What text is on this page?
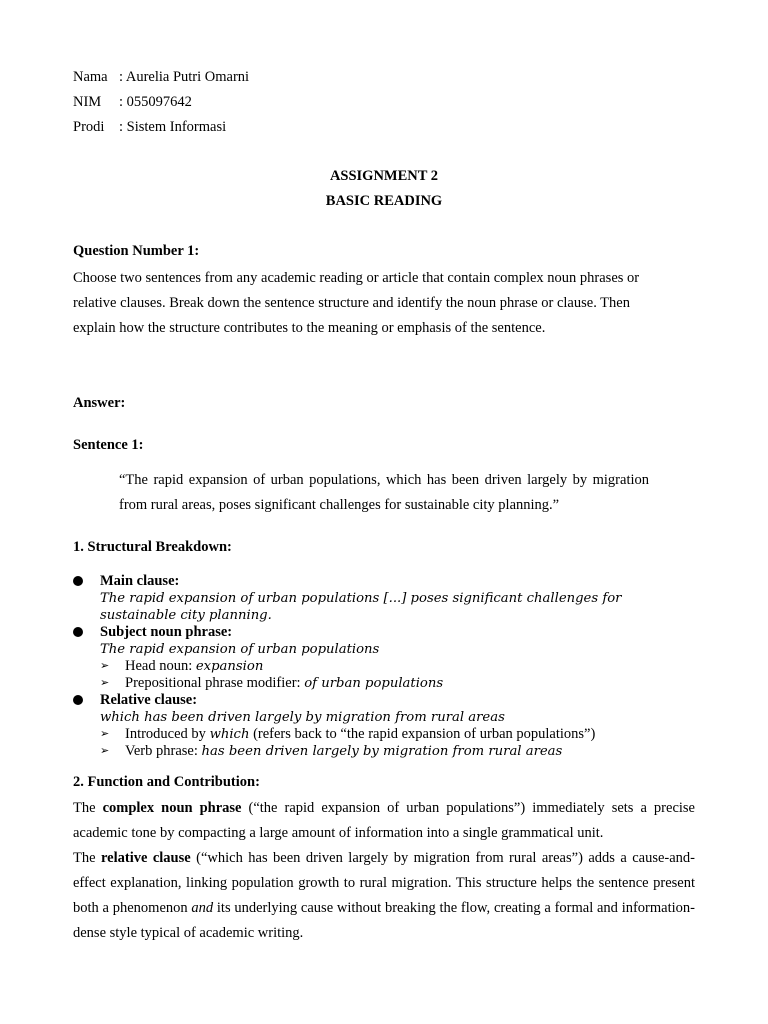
Nama : Aurelia Putri Omarni
NIM : 055097642
Prodi : Sistem Informasi
ASSIGNMENT 2
BASIC READING
Question Number 1:
Choose two sentences from any academic reading or article that contain complex noun phrases or relative clauses. Break down the sentence structure and identify the noun phrase or clause. Then explain how the structure contributes to the meaning or emphasis of the sentence.
Answer:
Sentence 1:
“The rapid expansion of urban populations, which has been driven largely by migration from rural areas, poses significant challenges for sustainable city planning.”
1. Structural Breakdown:
Main clause:
The rapid expansion of urban populations [...] poses significant challenges for sustainable city planning.
Subject noun phrase:
The rapid expansion of urban populations
➢ Head noun: expansion
➢ Prepositional phrase modifier: of urban populations
Relative clause:
which has been driven largely by migration from rural areas
➢ Introduced by which (refers back to “the rapid expansion of urban populations”)
➢ Verb phrase: has been driven largely by migration from rural areas
2. Function and Contribution:
The complex noun phrase (“the rapid expansion of urban populations”) immediately sets a precise academic tone by compacting a large amount of information into a single grammatical unit.
The relative clause (“which has been driven largely by migration from rural areas”) adds a cause-and-effect explanation, linking population growth to rural migration. This structure helps the sentence present both a phenomenon and its underlying cause without breaking the flow, creating a formal and information-dense style typical of academic writing.
